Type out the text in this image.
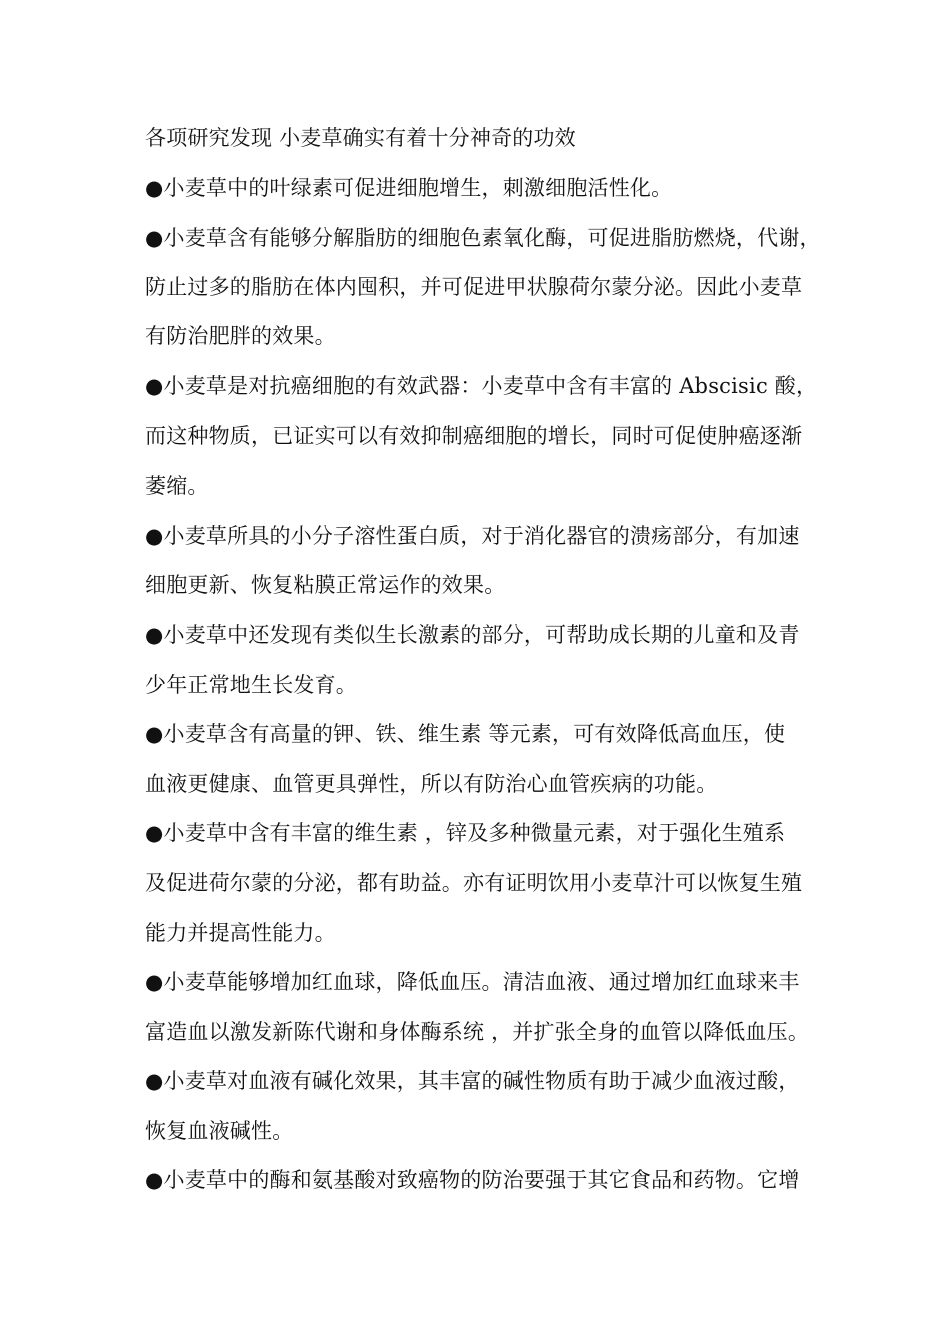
各项研究发现 小麦草确实有着十分神奇的功效
●小麦草中的叶绿素可促进细胞增生，刺激细胞活性化。
●小麦草含有能够分解脂肪的细胞色素氧化酶，可促进脂肪燃烧，代谢，
防止过多的脂肪在体内囤积，并可促进甲状腺荷尔蒙分泌。因此小麦草
有防治肥胖的效果。
●小麦草是对抗癌细胞的有效武器：小麦草中含有丰富的 Abscisic 酸，
而这种物质，已证实可以有效抑制癌细胞的增长，同时可促使肿癌逐渐
萎缩。
●小麦草所具的小分子溶性蛋白质，对于消化器官的溃疡部分，有加速
细胞更新、恢复粘膜正常运作的效果。
●小麦草中还发现有类似生长激素的部分，可帮助成长期的儿童和及青
少年正常地生长发育。
●小麦草含有高量的钾、铁、维生素 等元素，可有效降低高血压，使
血液更健康、血管更具弹性，所以有防治心血管疾病的功能。
●小麦草中含有丰富的维生素 ，锌及多种微量元素，对于强化生殖系
及促进荷尔蒙的分泌，都有助益。亦有证明饮用小麦草汁可以恢复生殖
能力并提高性能力。
●小麦草能够增加红血球，降低血压。清洁血液、通过增加红血球来丰
富造血以激发新陈代谢和身体酶系统 ，并扩张全身的血管以降低血压。
●小麦草对血液有碱化效果，其丰富的碱性物质有助于减少血液过酸，
恢复血液碱性。
●小麦草中的酶和氨基酸对致癌物的防治要强于其它食品和药物。它增
